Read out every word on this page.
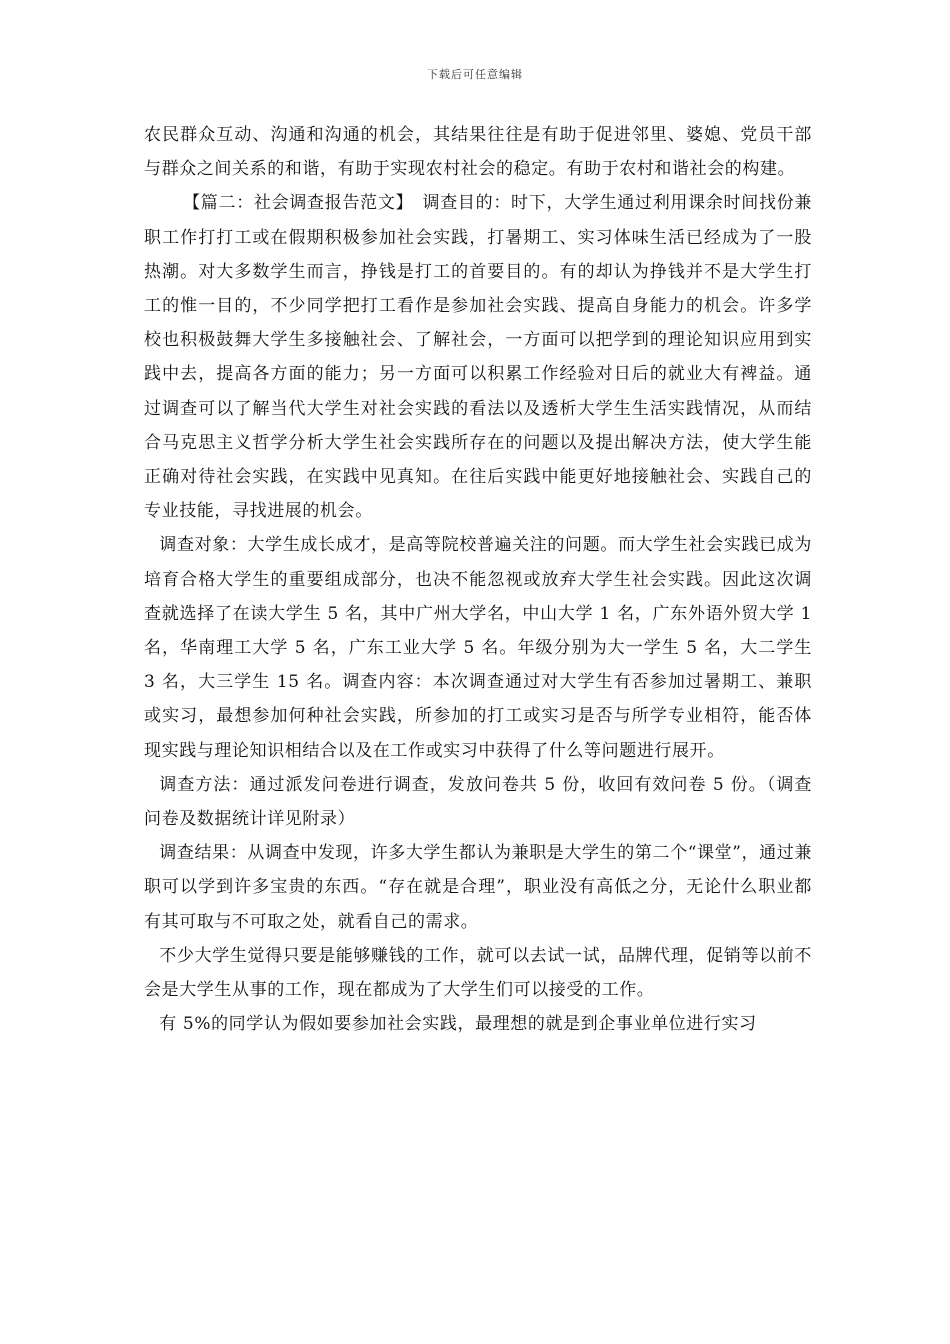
下载后可任意编辑

农民群众互动、沟通和沟通的机会，其结果往往是有助于促进邻里、婆媳、党员干部与群众之间关系的和谐，有助于实现农村社会的稳定。有助于农村和谐社会的构建。

【篇二：社会调查报告范文】　调查目的：时下，大学生通过利用课余时间找份兼职工作打打工或在假期积极参加社会实践，打暑期工、实习体味生活已经成为了一股热潮。对大多数学生而言，挣钱是打工的首要目的。有的却认为挣钱并不是大学生打工的惟一目的，不少同学把打工看作是参加社会实践、提高自身能力的机会。许多学校也积极鼓舞大学生多接触社会、了解社会，一方面可以把学到的理论知识应用到实践中去，提高各方面的能力；另一方面可以积累工作经验对日后的就业大有裨益。通过调查可以了解当代大学生对社会实践的看法以及透析大学生生活实践情况，从而结合马克思主义哲学分析大学生社会实践所存在的问题以及提出解决方法，使大学生能正确对待社会实践，在实践中见真知。在往后实践中能更好地接触社会、实践自己的专业技能，寻找进展的机会。

调查对象：大学生成长成才，是高等院校普遍关注的问题。而大学生社会实践已成为培育合格大学生的重要组成部分，也决不能忽视或放弃大学生社会实践。因此这次调查就选择了在读大学生 5 名，其中广州大学名，中山大学 1 名，广东外语外贸大学 1 名，华南理工大学 5 名，广东工业大学 5 名。年级分别为大一学生 5 名，大二学生 3 名，大三学生 15 名。调查内容：本次调查通过对大学生有否参加过暑期工、兼职或实习，最想参加何种社会实践，所参加的打工或实习是否与所学专业相符，能否体现实践与理论知识相结合以及在工作或实习中获得了什么等问题进行展开。

调查方法：通过派发问卷进行调查，发放问卷共 5 份，收回有效问卷 5 份。（调查问卷及数据统计详见附录）

调查结果：从调查中发现，许多大学生都认为兼职是大学生的第二个“课堂”，通过兼职可以学到许多宝贵的东西。“存在就是合理”，职业没有高低之分，无论什么职业都有其可取与不可取之处，就看自己的需求。

不少大学生觉得只要是能够赚钱的工作，就可以去试一试，品牌代理，促销等以前不会是大学生从事的工作，现在都成为了大学生们可以接受的工作。

有 5%的同学认为假如要参加社会实践，最理想的就是到企事业单位进行实习
